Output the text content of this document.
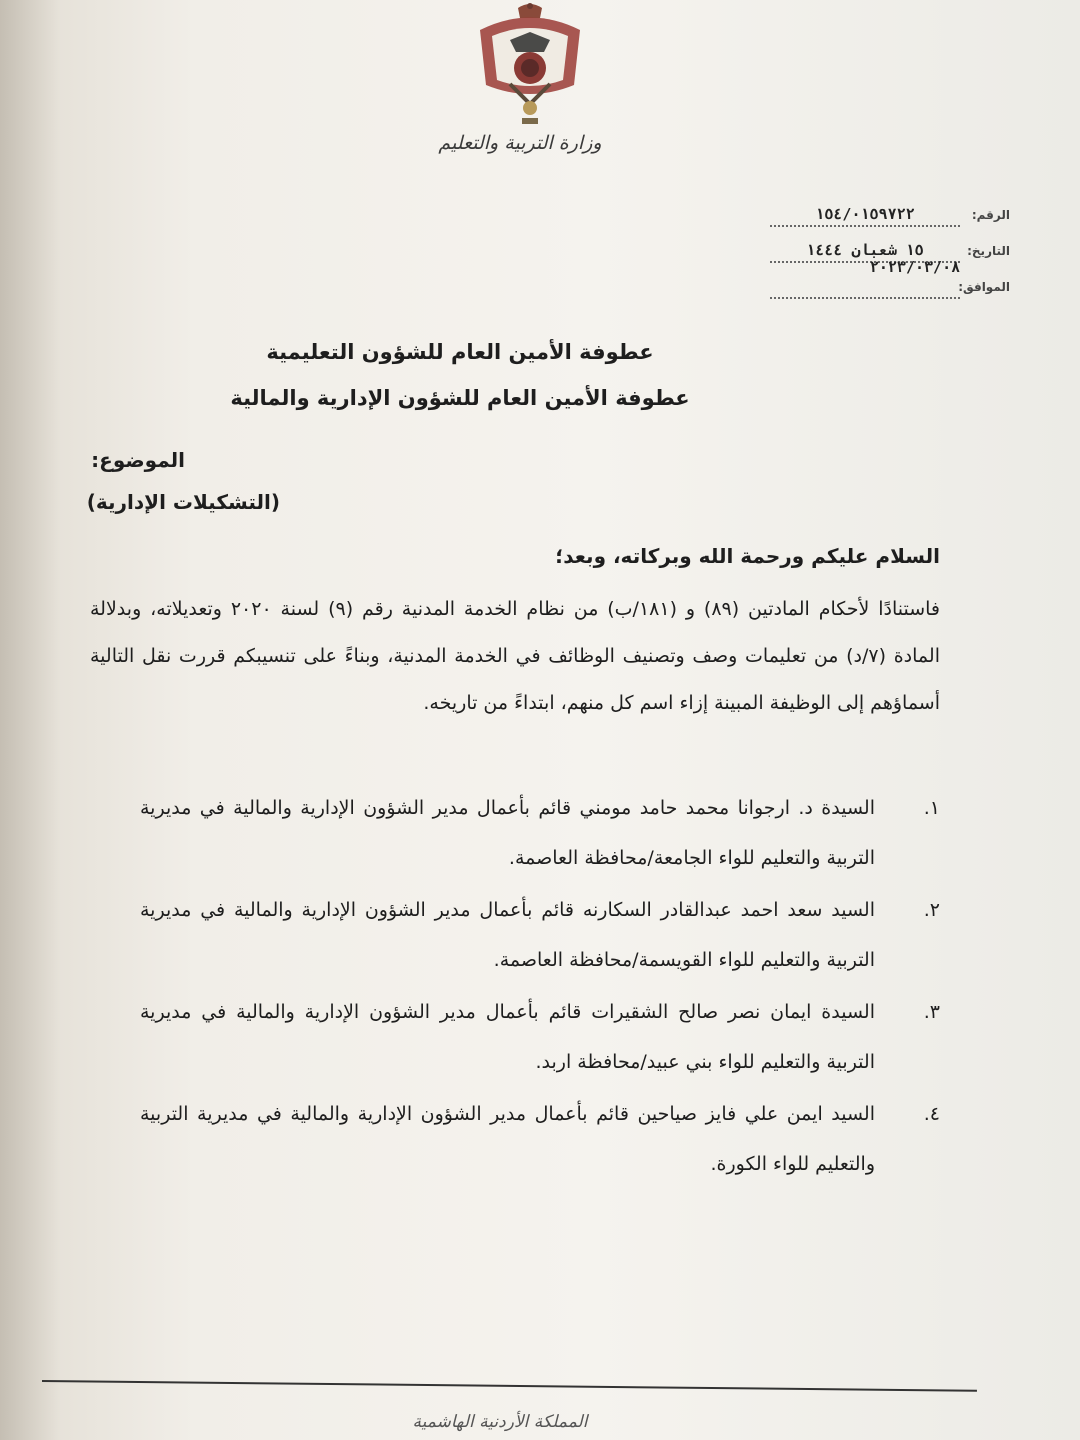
وزارة التربية والتعليم
الرقم:
١٥٤/٠١٥٩٧٢٢
التاريخ:
١٥ شعبان ١٤٤٤
الموافق:

٢٠٢٣/٠٣/٠٨
عطوفة الأمين العام للشؤون التعليمية
عطوفة الأمين العام للشؤون الإدارية والمالية
الموضوع:
(التشكيلات الإدارية)
السلام عليكم ورحمة الله وبركاته، وبعد؛
فاستنادًا لأحكام المادتين (٨٩) و (١٨١/ب) من نظام الخدمة المدنية رقم (٩) لسنة ٢٠٢٠ وتعديلاته، وبدلالة المادة (٧/د) من تعليمات وصف وتصنيف الوظائف في الخدمة المدنية، وبناءً على تنسيبكم قررت نقل التالية أسماؤهم إلى الوظيفة المبينة إزاء اسم كل منهم، ابتداءً من تاريخه.
١.
السيدة د. ارجوانا محمد حامد مومني قائم بأعمال مدير الشؤون الإدارية والمالية في مديرية التربية والتعليم للواء الجامعة/محافظة العاصمة.
٢.
السيد سعد احمد عبدالقادر السكارنه قائم بأعمال مدير الشؤون الإدارية والمالية في مديرية التربية والتعليم للواء القويسمة/محافظة العاصمة.
٣.
السيدة ايمان نصر صالح الشقيرات قائم بأعمال مدير الشؤون الإدارية والمالية في مديرية التربية والتعليم للواء بني عبيد/محافظة اربد.
٤.
السيد ايمن علي فايز صياحين قائم بأعمال مدير الشؤون الإدارية والمالية في مديرية التربية والتعليم للواء الكورة.
المملكة الأردنية الهاشمية
